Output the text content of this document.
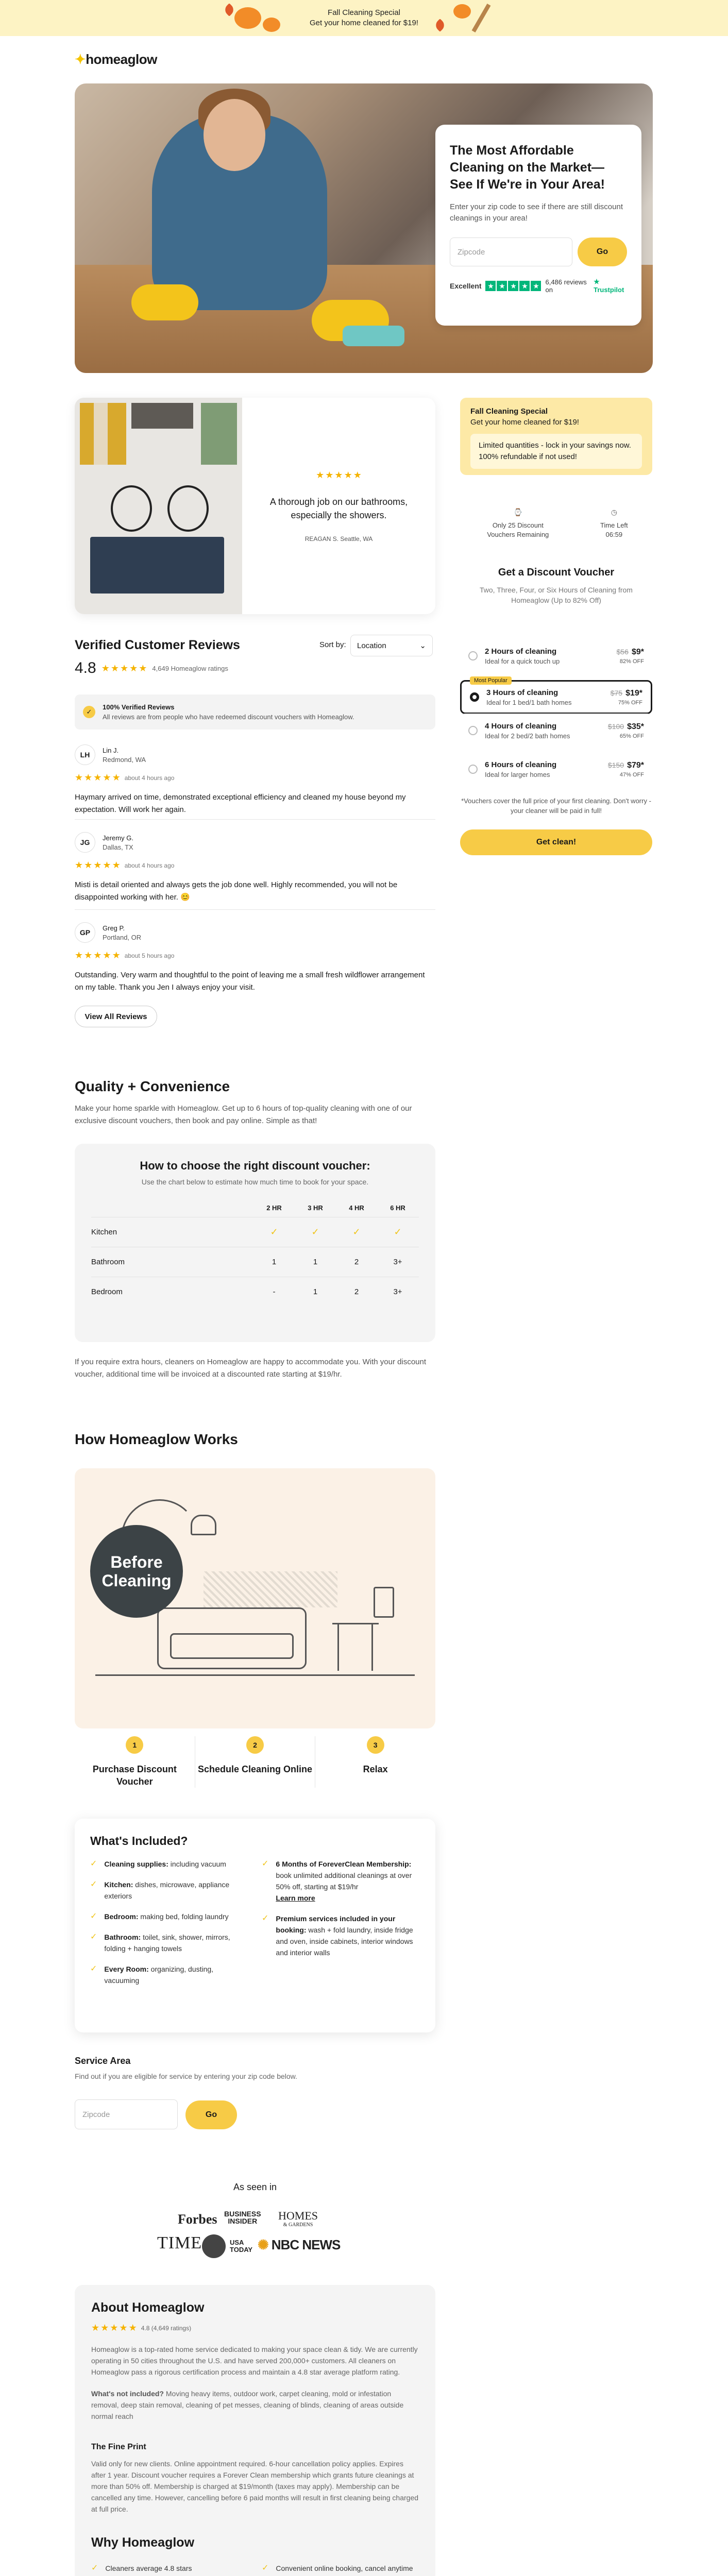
Fall Cleaning Special
Get your home cleaned for $19!
✦homeaglow
The Most Affordable Cleaning on the Market—See If We're in Your Area!

Enter your zip code to see if there are still discount cleanings in your area!

Zipcode
Go
Excellent ★ ★ ★ ★ ★ 6,486 reviews on
★ Trustpilot
★ ★ ★ ★ ★
A thorough job on our bathrooms, especially the showers.
REAGAN S. Seattle, WA
Fall Cleaning Special
Get your home cleaned for $19!
Limited quantities - lock in your savings now. 100% refundable if not used!
⌚
Only 25 Discount Vouchers Remaining
◷
Time Left
06:59
Get a Discount Voucher
Two, Three, Four, or Six Hours of Cleaning from Homeaglow (Up to 82% Off)
2 Hours of cleaning
Ideal for a quick touch up
$56 $9*
82% OFF
Most Popular
3 Hours of cleaning
Ideal for 1 bed/1 bath homes
$75 $19*
75% OFF
4 Hours of cleaning
Ideal for 2 bed/2 bath homes
$100 $35*
65% OFF
6 Hours of cleaning
Ideal for larger homes
$150 $79*
47% OFF
*Vouchers cover the full price of your first cleaning. Don't worry - your cleaner will be paid in full!
Get clean!
Verified Customer Reviews
4.8 ★ ★ ★ ★ ★ 4,649 Homeaglow ratings
Sort by: Location	⌄
✓
100% Verified Reviews
All reviews are from people who have redeemed discount vouchers with Homeaglow.
LH
Lin J.
Redmond, WA
★ ★ ★ ★ ★ about 4 hours ago
Haymary arrived on time, demonstrated exceptional efficiency and cleaned my house beyond my expectation. Will work her again.
JG
Jeremy G.
Dallas, TX
★ ★ ★ ★ ★ about 4 hours ago
Misti is detail oriented and always gets the job done well. Highly recommended, you will not be disappointed working with her. 😊
GP
Greg P.
Portland, OR
★ ★ ★ ★ ★ about 5 hours ago
Outstanding. Very warm and thoughtful to the point of leaving me a small fresh wildflower arrangement on my table. Thank you Jen I always enjoy your visit.
View All Reviews
Quality + Convenience
Make your home sparkle with Homeaglow. Get up to 6 hours of top-quality cleaning with one of our exclusive discount vouchers, then book and pay online. Simple as that!
How to choose the right discount voucher:
Use the chart below to estimate how much time to book for your space.
2 HR	3 HR	4 HR	6 HR
Kitchen	✓	✓	✓	✓
Bathroom	1	1	2	3+
Bedroom	-	1	2	3+
If you require extra hours, cleaners on Homeaglow are happy to accommodate you. With your discount voucher, additional time will be invoiced at a discounted rate starting at $19/hr.
How Homeaglow Works
Before Cleaning
1
Purchase Discount Voucher
2
Schedule Cleaning Online
3
Relax
What's Included?
✓ Cleaning supplies: including vacuum
✓ Kitchen: dishes, microwave, appliance exteriors
✓ Bedroom: making bed, folding laundry
✓ Bathroom: toilet, sink, shower, mirrors, folding + hanging towels
✓ Every Room: organizing, dusting, vacuuming
✓ 6 Months of ForeverClean Membership: book unlimited additional cleanings at over 50% off, starting at $19/hr
Learn more
✓ Premium services included in your booking: wash + fold laundry, inside fridge and oven, inside cabinets, interior windows and interior walls
Service Area
Find out if you are eligible for service by entering your zip code below.
Zipcode
Go
As seen in
Forbes BUSINESS
INSIDER HOMES
& GARDENS
TIME	USA
TODAY ✺ NBC NEWS
About Homeaglow
★ ★ ★ ★ ★ 4.8 (4,649 ratings)

Homeaglow is a top-rated home service dedicated to making your space clean & tidy. We are currently operating in 50 cities throughout the U.S. and have served 200,000+ customers. All cleaners on Homeaglow pass a rigorous certification process and maintain a 4.8 star average platform rating.

What's not included? Moving heavy items, outdoor work, carpet cleaning, mold or infestation removal, deep stain removal, cleaning of pet messes, cleaning of blinds, cleaning of areas outside normal reach

The Fine Print

Valid only for new clients. Online appointment required. 6-hour cancellation policy applies. Expires after 1 year. Discount voucher requires a Forever Clean membership which grants future cleanings at more than 50% off. Membership is charged at $19/month (taxes may apply). Membership can be cancelled any time. However, cancelling before 6 paid months will result in first cleaning being charged at full price.

Why Homeaglow
✓ Cleaners average 4.8 stars	✓ Convenient online booking, cancel anytime
